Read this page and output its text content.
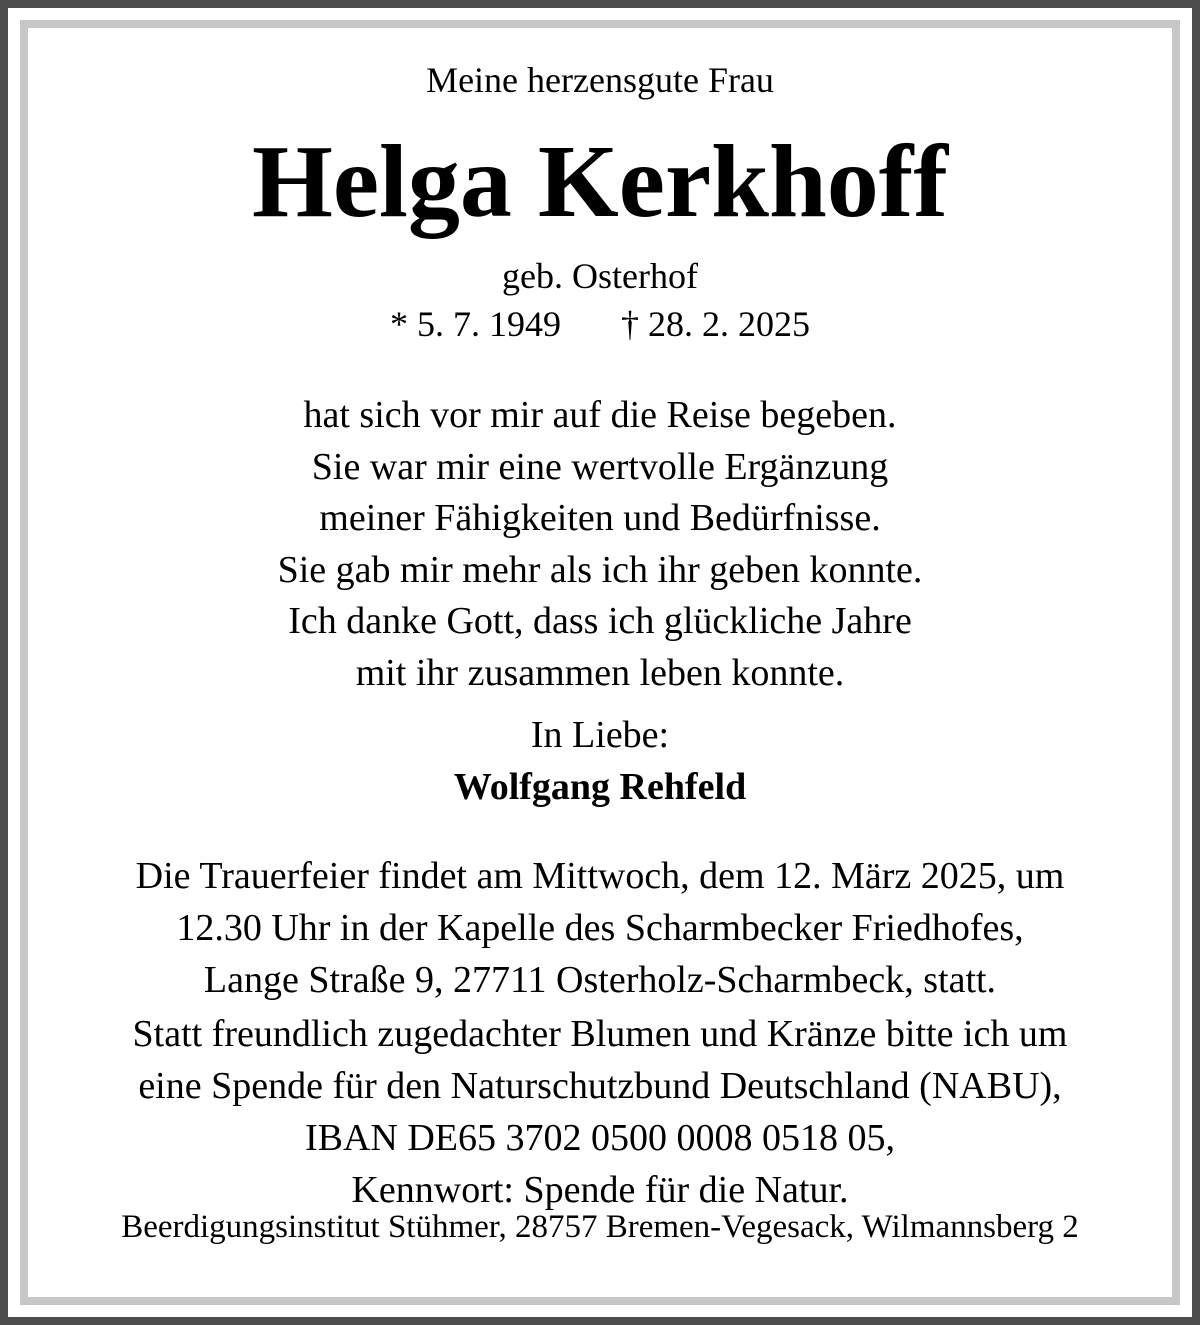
Meine herzensgute Frau
Helga Kerkhoff
geb. Osterhof
* 5. 7. 1949 † 28. 2. 2025
hat sich vor mir auf die Reise begeben.
Sie war mir eine wertvolle Ergänzung
meiner Fähigkeiten und Bedürfnisse.
Sie gab mir mehr als ich ihr geben konnte.
Ich danke Gott, dass ich glückliche Jahre
mit ihr zusammen leben konnte.
In Liebe:
Wolfgang Rehfeld
Die Trauerfeier findet am Mittwoch, dem 12. März 2025, um
12.30 Uhr in der Kapelle des Scharmbecker Friedhofes,
Lange Straße 9, 27711 Osterholz-Scharmbeck, statt.
Statt freundlich zugedachter Blumen und Kränze bitte ich um
eine Spende für den Naturschutzbund Deutschland (NABU),
IBAN DE65 3702 0500 0008 0518 05,
Kennwort: Spende für die Natur.
Beerdigungsinstitut Stühmer, 28757 Bremen-Vegesack, Wilmannsberg 2
